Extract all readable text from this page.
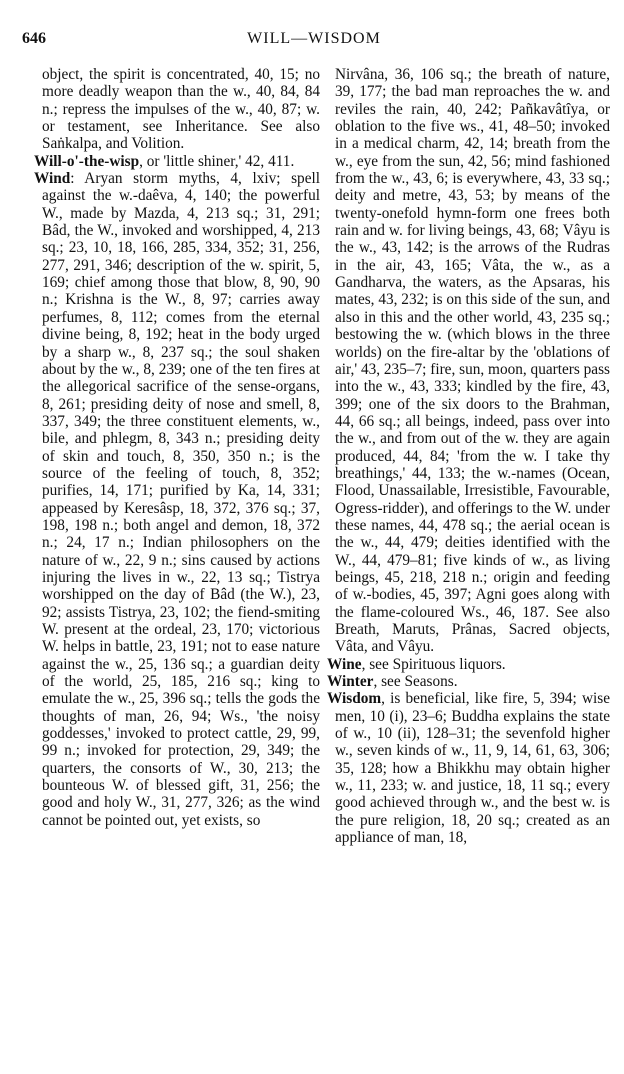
646	WILL—WISDOM

object, the spirit is concentrated, 40, 15; no more deadly weapon than the w., 40, 84, 84 n.; repress the impulses of the w., 40, 87; w. or testament, see Inheritance. See also Saṅkalpa, and Volition.

Will-o'-the-wisp, or 'little shiner,' 42, 411.

Wind: Aryan storm myths, 4, lxiv; spell against the w.-daêva, 4, 140; the powerful W., made by Mazda, 4, 213 sq.; 31, 291; Bâd, the W., invoked and worshipped, 4, 213 sq.; 23, 10, 18, 166, 285, 334, 352; 31, 256, 277, 291, 346; description of the w. spirit, 5, 169; chief among those that blow, 8, 90, 90 n.; Krishna is the W., 8, 97; carries away perfumes, 8, 112; comes from the eternal divine being, 8, 192; heat in the body urged by a sharp w., 8, 237 sq.; the soul shaken about by the w., 8, 239; one of the ten fires at the allegorical sacrifice of the sense-organs, 8, 261; presiding deity of nose and smell, 8, 337, 349; the three constituent elements, w., bile, and phlegm, 8, 343 n.; presiding deity of skin and touch, 8, 350, 350 n.; is the source of the feeling of touch, 8, 352; purifies, 14, 171; purified by Ka, 14, 331; appeased by Keresâsp, 18, 372, 376 sq.; 37, 198, 198 n.; both angel and demon, 18, 372 n.; 24, 17 n.; Indian philosophers on the nature of w., 22, 9 n.; sins caused by actions injuring the lives in w., 22, 13 sq.; Tistrya worshipped on the day of Bâd (the W.), 23, 92; assists Tistrya, 23, 102; the fiend-smiting W. present at the ordeal, 23, 170; victorious W. helps in battle, 23, 191; not to ease nature against the w., 25, 136 sq.; a guardian deity of the world, 25, 185, 216 sq.; king to emulate the w., 25, 396 sq.; tells the gods the thoughts of man, 26, 94; Ws., 'the noisy goddesses,' invoked to protect cattle, 29, 99, 99 n.; invoked for protection, 29, 349; the quarters, the consorts of W., 30, 213; the bounteous W. of blessed gift, 31, 256; the good and holy W., 31, 277, 326; as the wind cannot be pointed out, yet exists, so

Nirvâna, 36, 106 sq.; the breath of nature, 39, 177; the bad man reproaches the w. and reviles the rain, 40, 242; Pañkavâtîya, or oblation to the five ws., 41, 48–50; invoked in a medical charm, 42, 14; breath from the w., eye from the sun, 42, 56; mind fashioned from the w., 43, 6; is everywhere, 43, 33 sq.; deity and metre, 43, 53; by means of the twenty-onefold hymn-form one frees both rain and w. for living beings, 43, 68; Vâyu is the w., 43, 142; is the arrows of the Rudras in the air, 43, 165; Vâta, the w., as a Gandharva, the waters, as the Apsaras, his mates, 43, 232; is on this side of the sun, and also in this and the other world, 43, 235 sq.; bestowing the w. (which blows in the three worlds) on the fire-altar by the 'oblations of air,' 43, 235–7; fire, sun, moon, quarters pass into the w., 43, 333; kindled by the fire, 43, 399; one of the six doors to the Brahman, 44, 66 sq.; all beings, indeed, pass over into the w., and from out of the w. they are again produced, 44, 84; 'from the w. I take thy breathings,' 44, 133; the w.-names (Ocean, Flood, Unassailable, Irresistible, Favourable, Ogress-ridder), and offerings to the W. under these names, 44, 478 sq.; the aerial ocean is the w., 44, 479; deities identified with the W., 44, 479–81; five kinds of w., as living beings, 45, 218, 218 n.; origin and feeding of w.-bodies, 45, 397; Agni goes along with the flame-coloured Ws., 46, 187. See also Breath, Maruts, Prânas, Sacred objects, Vâta, and Vâyu.

Wine, see Spirituous liquors.

Winter, see Seasons.

Wisdom, is beneficial, like fire, 5, 394; wise men, 10 (i), 23–6; Buddha explains the state of w., 10 (ii), 128–31; the sevenfold higher w., seven kinds of w., 11, 9, 14, 61, 63, 306; 35, 128; how a Bhikkhu may obtain higher w., 11, 233; w. and justice, 18, 11 sq.; every good achieved through w., and the best w. is the pure religion, 18, 20 sq.; created as an appliance of man, 18,
